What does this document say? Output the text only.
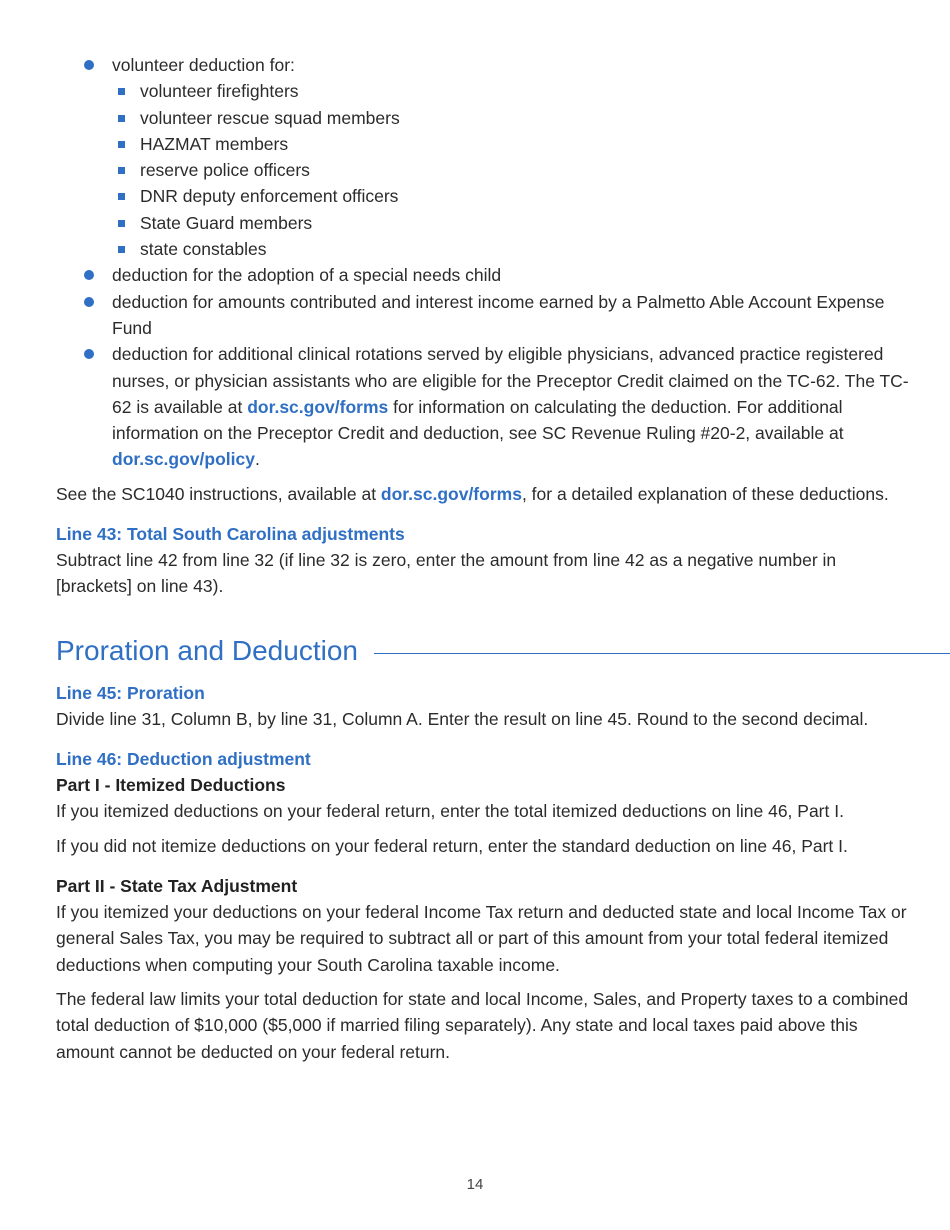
volunteer deduction for:
volunteer firefighters
volunteer rescue squad members
HAZMAT members
reserve police officers
DNR deputy enforcement officers
State Guard members
state constables
deduction for the adoption of a special needs child
deduction for amounts contributed and interest income earned by a Palmetto Able Account Expense Fund
deduction for additional clinical rotations served by eligible physicians, advanced practice registered nurses, or physician assistants who are eligible for the Preceptor Credit claimed on the TC-62. The TC-62 is available at dor.sc.gov/forms for information on calculating the deduction. For additional information on the Preceptor Credit and deduction, see SC Revenue Ruling #20-2, available at dor.sc.gov/policy.
See the SC1040 instructions, available at dor.sc.gov/forms, for a detailed explanation of these deductions.
Line 43: Total South Carolina adjustments
Subtract line 42 from line 32 (if line 32 is zero, enter the amount from line 42 as a negative number in [brackets] on line 43).
Proration and Deduction
Line 45: Proration
Divide line 31, Column B, by line 31, Column A. Enter the result on line 45. Round to the second decimal.
Line 46: Deduction adjustment
Part I - Itemized Deductions
If you itemized deductions on your federal return, enter the total itemized deductions on line 46, Part I.
If you did not itemize deductions on your federal return, enter the standard deduction on line 46, Part I.
Part II - State Tax Adjustment
If you itemized your deductions on your federal Income Tax return and deducted state and local Income Tax or general Sales Tax, you may be required to subtract all or part of this amount from your total federal itemized deductions when computing your South Carolina taxable income.
The federal law limits your total deduction for state and local Income, Sales, and Property taxes to a combined total deduction of $10,000 ($5,000 if married filing separately). Any state and local taxes paid above this amount cannot be deducted on your federal return.
14
